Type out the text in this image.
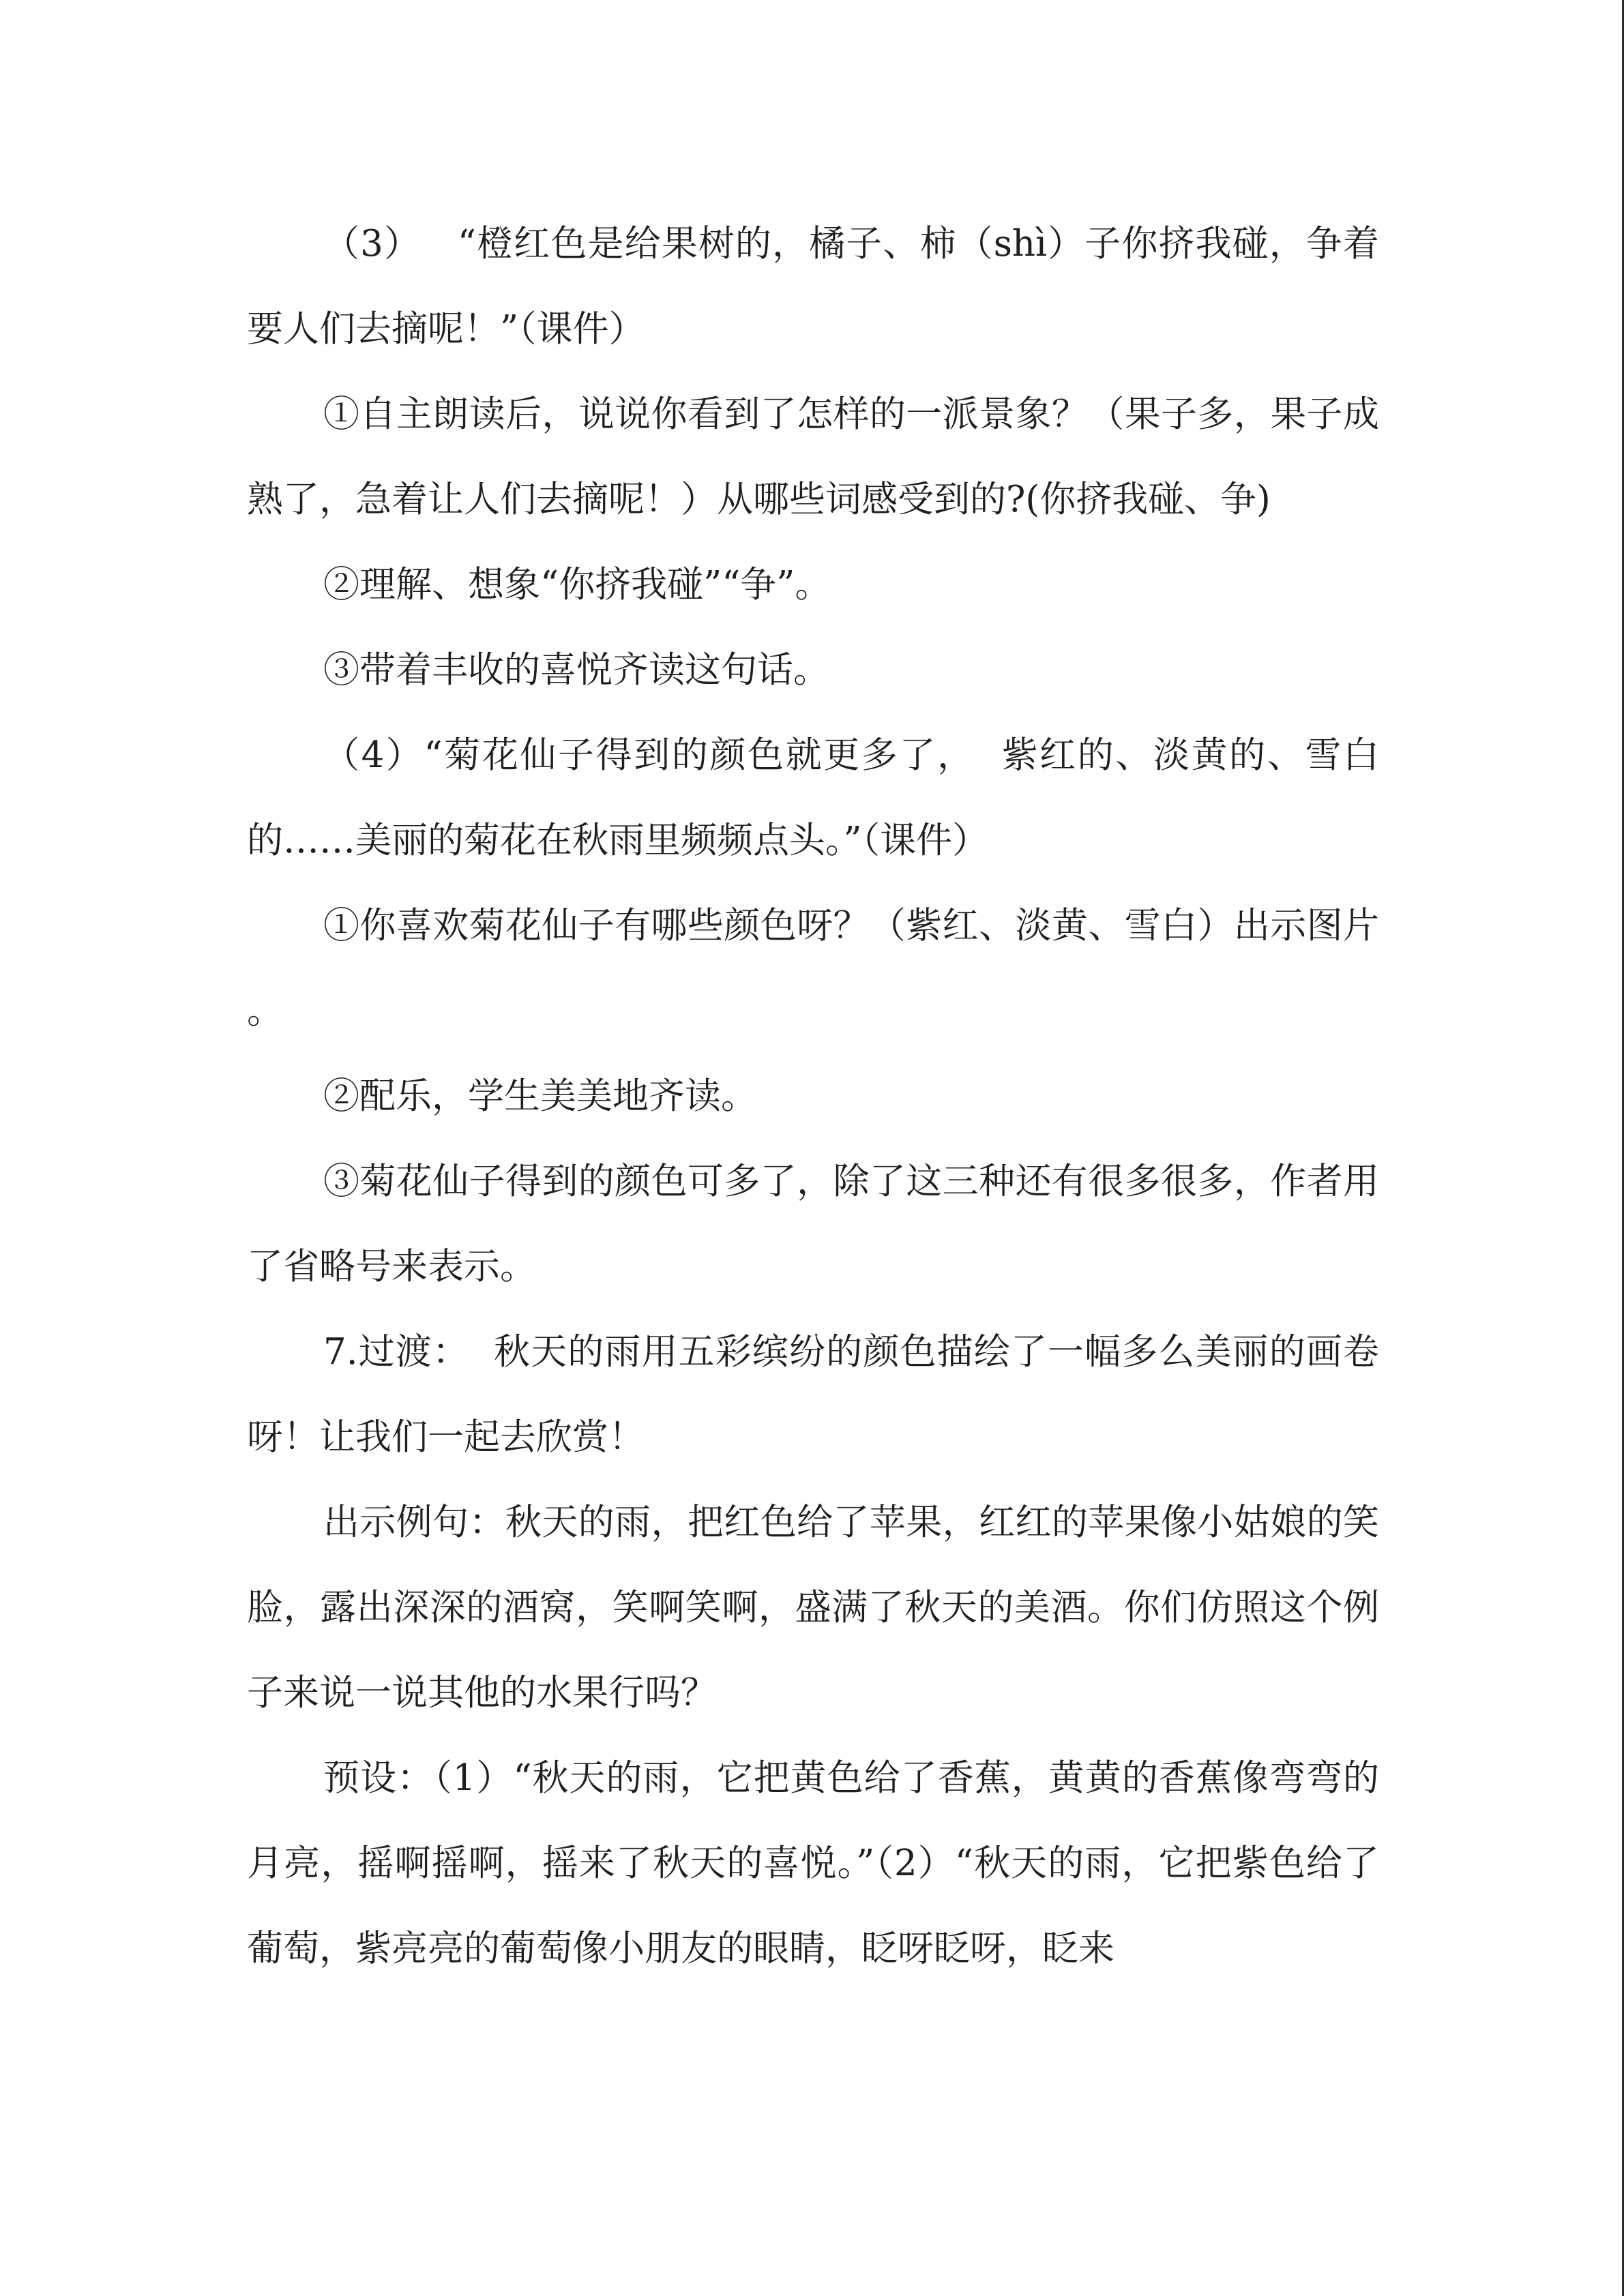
（3）   “橙红色是给果树的，橘子、柿（shì）子你挤我碰，争着要人们去摘呢！”（课件）

①自主朗读后，说说你看到了怎样的一派景象？（果子多，果子成熟了，急着让人们去摘呢！）从哪些词感受到的?(你挤我碰、争)

②理解、想象“你挤我碰”“争”。

③带着丰收的喜悦齐读这句话。

（4）“菊花仙子得到的颜色就更多了，  紫红的、淡黄的、雪白的……美丽的菊花在秋雨里频频点头。”（课件）

①你喜欢菊花仙子有哪些颜色呀？（紫红、淡黄、雪白）出示图片 。

②配乐，学生美美地齐读。

③菊花仙子得到的颜色可多了，除了这三种还有很多很多，作者用了省略号来表示。

7.过渡：  秋天的雨用五彩缤纷的颜色描绘了一幅多么美丽的画卷呀！让我们一起去欣赏！

出示例句：秋天的雨，把红色给了苹果，红红的苹果像小姑娘的笑脸，露出深深的酒窝，笑啊笑啊，盛满了秋天的美酒。你们仿照这个例子来说一说其他的水果行吗？

预设：（1）“秋天的雨，它把黄色给了香蕉，黄黄的香蕉像弯弯的月亮，摇啊摇啊，摇来了秋天的喜悦。”（2）“秋天的雨，它把紫色给了葡萄，紫亮亮的葡萄像小朋友的眼睛，眨呀眨呀，眨来
